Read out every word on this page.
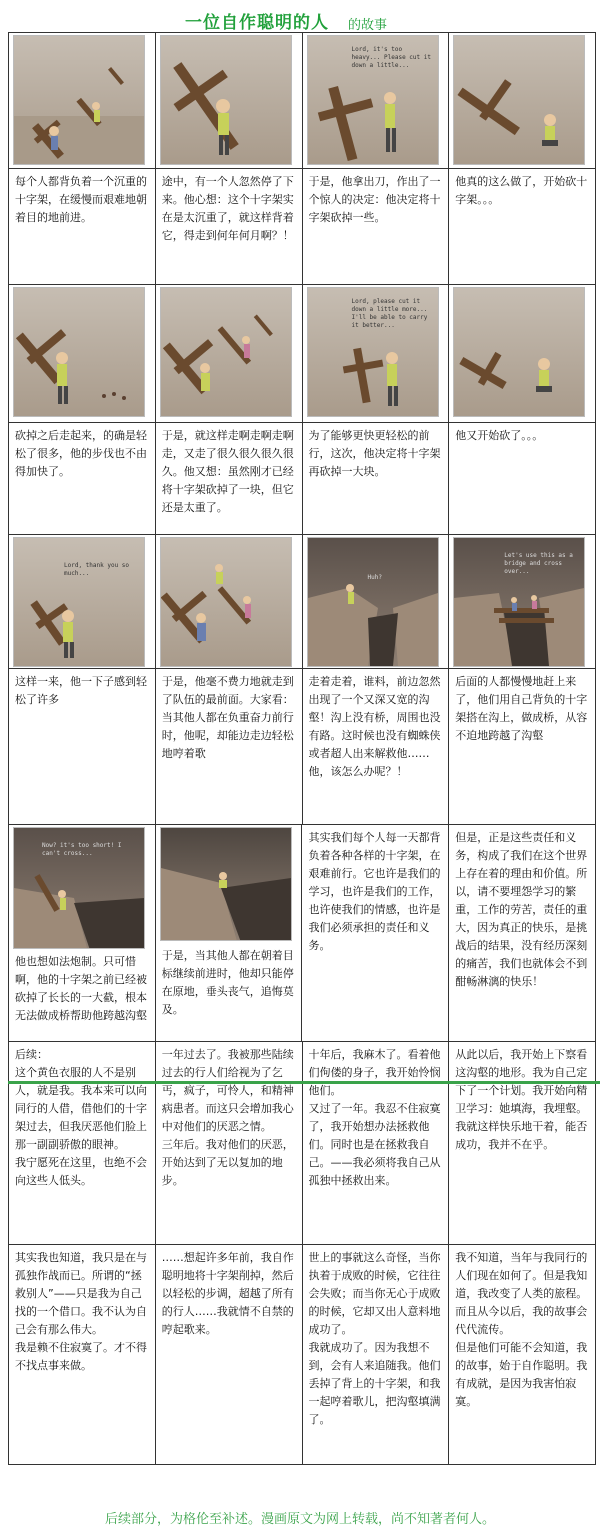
一位自作聪明的人 的故事
Lord, it's too heavy... Please cut it down a little...

每个人都背负着一个沉重的十字架，在缓慢而艰难地朝着目的地前进。

途中，有一个人忽然停了下来。他心想：这个十字架实在是太沉重了，就这样背着它，得走到何年何月啊？！

于是，他拿出刀，作出了一个惊人的决定：他决定将十字架砍掉一些。

他真的这么做了，开始砍十字架。。。

Lord, please cut it down a little more... I'll be able to carry it better...

砍掉之后走起来，的确是轻松了很多，他的步伐也不由得加快了。

于是，就这样走啊走啊走啊走，又走了很久很久很久很久。他又想：虽然刚才已经将十字架砍掉了一块，但它还是太重了。

为了能够更快更轻松的前行，这次，他决定将十字架再砍掉一大块。

他又开始砍了。。。

Lord, thank you so much...
Huh?
Let's use this as a bridge and cross over...

这样一来，他一下子感到轻松了许多

于是，他毫不费力地就走到了队伍的最前面。大家看：当其他人都在负重奋力前行时，他呢，却能边走边轻松地哼着歌

走着走着，谁料，前边忽然出现了一个又深又宽的沟壑！沟上没有桥，周围也没有路。这时候也没有蜘蛛侠或者超人出来解救他……他，该怎么办呢？！

后面的人都慢慢地赶上来了，他们用自己背负的十字架搭在沟上，做成桥，从容不迫地跨越了沟壑

Now? it's too short! I can't cross...

他也想如法炮制。只可惜啊，他的十字架之前已经被砍掉了长长的一大截，根本无法做成桥帮助他跨越沟壑

于是，当其他人都在朝着目标继续前进时，他却只能停在原地，垂头丧气，追悔莫及。

其实我们每个人每一天都背负着各种各样的十字架，在艰难前行。它也许是我们的学习，也许是我们的工作，也许使我们的情感，也许是我们必须承担的责任和义务。

但是，正是这些责任和义务，构成了我们在这个世界上存在着的理由和价值。所以，请不要埋怨学习的繁重，工作的劳苦，责任的重大，因为真正的快乐，是挑战后的结果，没有经历深刻的痛苦，我们也就体会不到酣畅淋漓的快乐！

后续：

这个黄色衣服的人不是别人，就是我。我本来可以向同行的人借，借他们的十字架过去，但我厌恶他们脸上那一副副骄傲的眼神。

我宁愿死在这里，也绝不会向这些人低头。

一年过去了。我被那些陆续过去的行人们给视为了乞丐，疯子，可怜人，和精神病患者。而这只会增加我心中对他们的厌恶之情。

三年后。我对他们的厌恶，开始达到了无以复加的地步。

十年后，我麻木了。看着他们佝偻的身子，我开始怜悯他们。

又过了一年。我忍不住寂寞了，我开始想办法拯救他们。同时也是在拯救我自己。——我必须将我自己从孤独中拯救出来。

从此以后，我开始上下察看这沟壑的地形。我为自己定下了一个计划。我开始向精卫学习：她填海，我埋壑。

我就这样快乐地干着，能否成功，我并不在乎。

其实我也知道，我只是在与孤独作战而已。所谓的“拯救别人”——只是我为自己找的一个借口。我不认为自己会有那么伟大。

我是赖不住寂寞了。才不得不找点事来做。

……想起许多年前，我自作聪明地将十字架削掉，然后以轻松的步调，超越了所有的行人……我就情不自禁的哼起歌来。

世上的事就这么奇怪，当你执着于成败的时候，它往往会失败；而当你无心于成败的时候，它却又出人意料地成功了。

我就成功了。因为我想不到，会有人来追随我。他们丢掉了背上的十字架，和我一起哼着歌儿，把沟壑填满了。

我不知道，当年与我同行的人们现在如何了。但是我知道，我改变了人类的旅程。而且从今以后，我的故事会代代流传。

但是他们可能不会知道，我的故事，始于自作聪明。我有成就，是因为我害怕寂寞。

后续部分，为格伦至补述。漫画原文为网上转载，尚不知著者何人。
